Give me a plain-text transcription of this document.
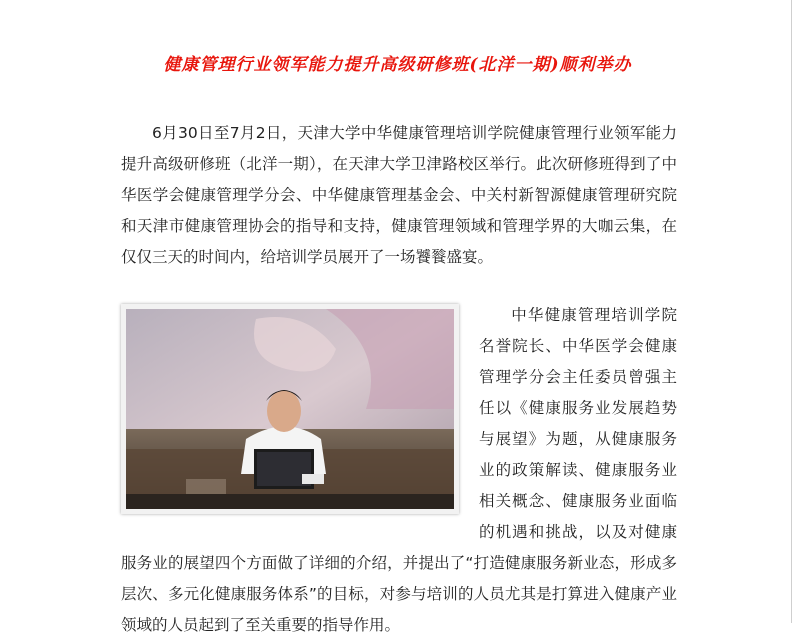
健康管理行业领军能力提升高级研修班(北洋一期)顺利举办

6月30日至7月2日，天津大学中华健康管理培训学院健康管理行业领军能力提升高级研修班（北洋一期），在天津大学卫津路校区举行。此次研修班得到了中华医学会健康管理学分会、中华健康管理基金会、中关村新智源健康管理研究院和天津市健康管理协会的指导和支持，健康管理领域和管理学界的大咖云集，在仅仅三天的时间内，给培训学员展开了一场饕餮盛宴。

中华健康管理培训学院名誉院长、中华医学会健康管理学分会主任委员曾强主任以《健康服务业发展趋势与展望》为题，从健康服务业的政策解读、健康服务业相关概念、健康服务业面临的机遇和挑战，以及对健康服务业的展望四个方面做了详细的介绍，并提出了“打造健康服务新业态，形成多层次、多元化健康服务体系”的目标，对参与培训的人员尤其是打算进入健康产业领域的人员起到了至关重要的指导作用。
